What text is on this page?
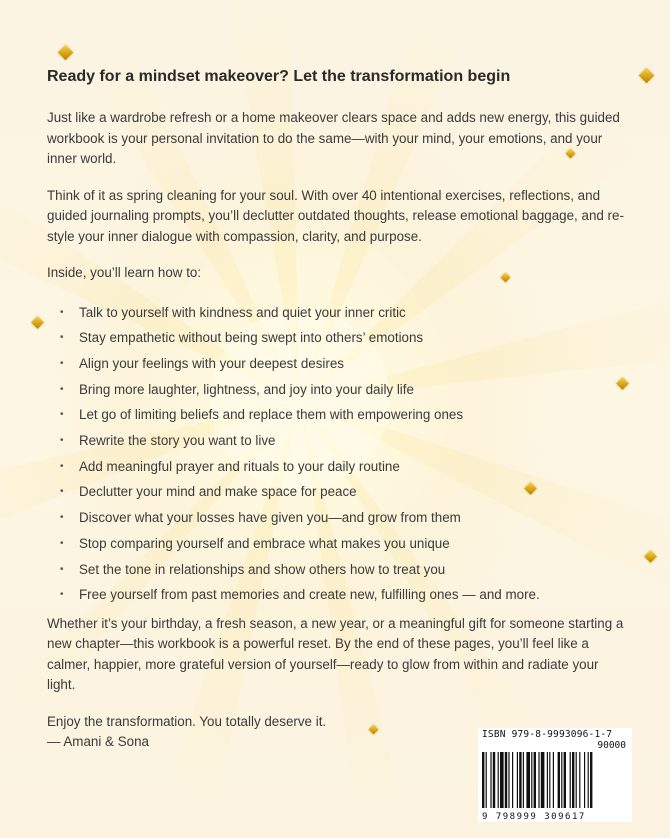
Ready for a mindset makeover? Let the transformation begin

Just like a wardrobe refresh or a home makeover clears space and adds new energy, this guided workbook is your personal invitation to do the same—with your mind, your emotions, and your inner world.

Think of it as spring cleaning for your soul. With over 40 intentional exercises, reflections, and guided journaling prompts, you’ll declutter outdated thoughts, release emotional baggage, and re-style your inner dialogue with compassion, clarity, and purpose.

Inside, you’ll learn how to:

• Talk to yourself with kindness and quiet your inner critic
• Stay empathetic without being swept into others’ emotions
• Align your feelings with your deepest desires
• Bring more laughter, lightness, and joy into your daily life
• Let go of limiting beliefs and replace them with empowering ones
• Rewrite the story you want to live
• Add meaningful prayer and rituals to your daily routine
• Declutter your mind and make space for peace
• Discover what your losses have given you—and grow from them
• Stop comparing yourself and embrace what makes you unique
• Set the tone in relationships and show others how to treat you
• Free yourself from past memories and create new, fulfilling ones — and more.

Whether it’s your birthday, a fresh season, a new year, or a meaningful gift for someone starting a new chapter—this workbook is a powerful reset. By the end of these pages, you’ll feel like a calmer, happier, more grateful version of yourself—ready to glow from within and radiate your light.

Enjoy the transformation. You totally deserve it.

— Amani & Sona	ISBN 979-8-9993096-1-7
90000
9 798999 309617
